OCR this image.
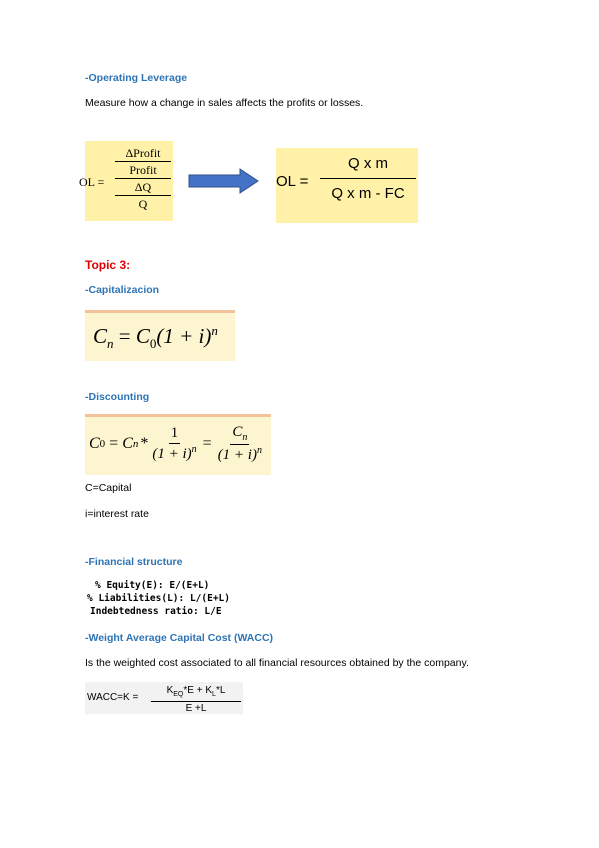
-Operating Leverage
Measure how a change in sales affects the profits or losses.
OL =
ΔProfit
Profit
ΔQ
Q
OL = $\frac{\text{Q x m}}{\text{Q x m - FC}}$
Topic 3:
-Capitalizacion
$C_n = C_0(1 + i)^n$
-Discounting
C 0 = C $n * \frac{1}{(1 + i)^n} = \frac{C_n}{(1 + i)^n}$
C=Capital
i=interest rate
-Financial structure
% Equity(E): E/(E+L)
% Liabilities(L): L/(E+L)
Indebtedness ratio: L/E
-Weight Average Capital Cost (WACC)
Is the weighted cost associated to all financial resources obtained by the company.
WACC=K =
$K_{EQ}*E + K_L*L$
E +L
